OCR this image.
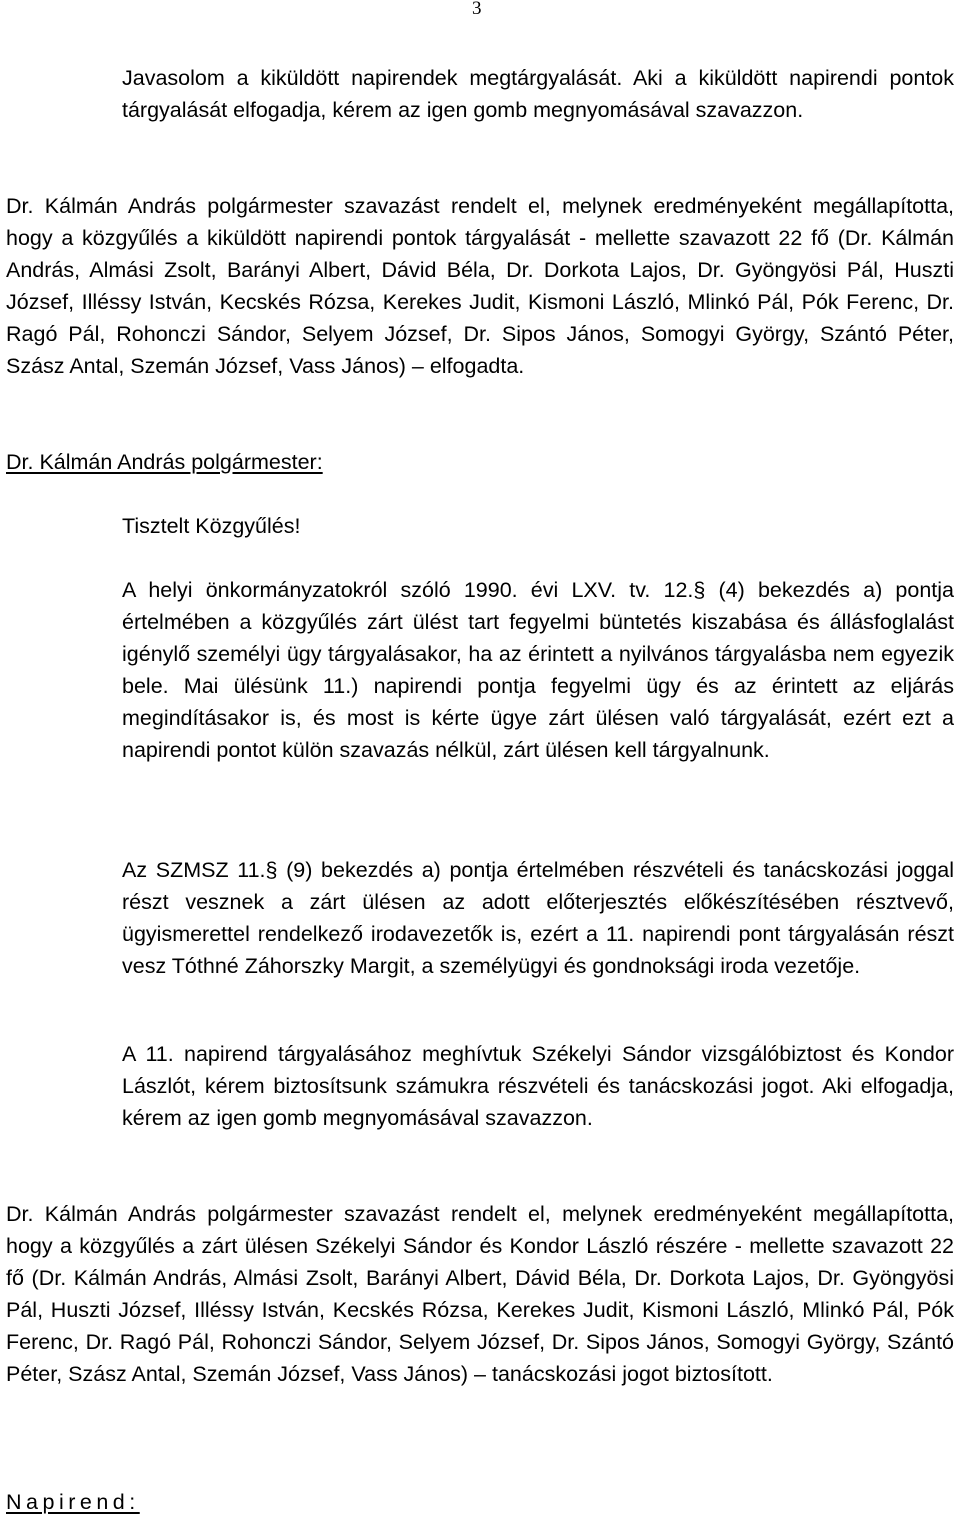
3

Javasolom a kiküldött napirendek megtárgyalását. Aki a kiküldött napirendi pontok tárgyalását elfogadja, kérem az igen gomb megnyomásával szavazzon.

Dr. Kálmán András polgármester szavazást rendelt el, melynek eredményeként megállapította, hogy a közgyűlés a kiküldött napirendi pontok tárgyalását - mellette szavazott 22 fő (Dr. Kálmán András, Almási Zsolt, Barányi Albert, Dávid Béla, Dr. Dorkota Lajos, Dr. Gyöngyösi Pál, Huszti József, Illéssy István, Kecskés Rózsa, Kerekes Judit, Kismoni László, Mlinkó Pál, Pók Ferenc, Dr. Ragó Pál, Rohonczi Sándor, Selyem József, Dr. Sipos János, Somogyi György, Szántó Péter, Szász Antal, Szemán József, Vass János) – elfogadta.

Dr. Kálmán András polgármester:

Tisztelt Közgyűlés!

A helyi önkormányzatokról szóló 1990. évi LXV. tv. 12.§ (4) bekezdés a) pontja értelmében a közgyűlés zárt ülést tart fegyelmi büntetés kiszabása és állásfoglalást igénylő személyi ügy tárgyalásakor, ha az érintett a nyilvános tárgyalásba nem egyezik bele. Mai ülésünk 11.) napirendi pontja fegyelmi ügy és az érintett az eljárás megindításakor is, és most is kérte ügye zárt ülésen való tárgyalását, ezért ezt a napirendi pontot külön szavazás nélkül, zárt ülésen kell tárgyalnunk.

Az SZMSZ 11.§ (9) bekezdés a) pontja értelmében részvételi és tanácskozási joggal részt vesznek a zárt ülésen az adott előterjesztés előkészítésében résztvevő, ügyismerettel rendelkező irodavezetők is, ezért a 11. napirendi pont tárgyalásán részt vesz Tóthné Záhorszky Margit, a személyügyi és gondnoksági iroda vezetője.

A 11. napirend tárgyalásához meghívtuk Székelyi Sándor vizsgálóbiztost és Kondor Lászlót, kérem biztosítsunk számukra részvételi és tanácskozási jogot. Aki elfogadja, kérem az igen gomb megnyomásával szavazzon.

Dr. Kálmán András polgármester szavazást rendelt el, melynek eredményeként megállapította, hogy a közgyűlés a zárt ülésen Székelyi Sándor és Kondor László részére - mellette szavazott 22 fő (Dr. Kálmán András, Almási Zsolt, Barányi Albert, Dávid Béla, Dr. Dorkota Lajos, Dr. Gyöngyösi Pál, Huszti József, Illéssy István, Kecskés Rózsa, Kerekes Judit, Kismoni László, Mlinkó Pál, Pók Ferenc, Dr. Ragó Pál, Rohonczi Sándor, Selyem József, Dr. Sipos János, Somogyi György, Szántó Péter, Szász Antal, Szemán József, Vass János) – tanácskozási jogot biztosított.

Napirend:
